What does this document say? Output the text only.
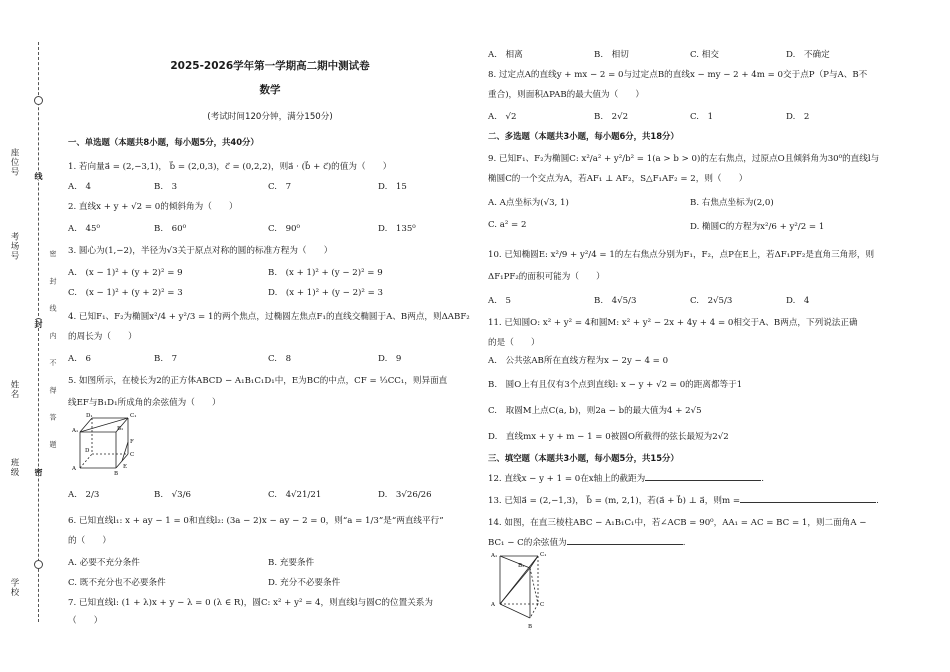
座位号
考场号
姓名
班级
学校
线
封
密
密 封 线 内 不 得 答 题
2025-2026学年第一学期高二期中测试卷
数学
(考试时间120分钟，满分150分)
一、单选题（本题共8小题，每小题5分，共40分）
1. 若向量a⃗ = (2,−3,1)， b⃗ = (2,0,3)，c⃗ = (0,2,2)，则a⃗ · (b⃗ + c⃗)的值为（　　）
A.　4	B.　3	C.　7	D.　15
2. 直线x + y + √2 = 0的倾斜角为（　　）
A.　45⁰	B.　60⁰	C.　90⁰	D.　135⁰
3. 圆心为(1,−2)，半径为√3关于原点对称的圆的标准方程为（　　）
A.　(x − 1)² + (y + 2)² = 9	B.　(x + 1)² + (y − 2)² = 9
C.　(x − 1)² + (y + 2)² = 3	D.　(x + 1)² + (y − 2)² = 3
4. 已知F₁、F₂为椭圆x²/4 + y²/3 = 1的两个焦点，过椭圆左焦点F₁的直线交椭圆于A、B两点，则ΔABF₂
的周长为（　　）
A.　6	B.　7	C.　8	D.　9
5. 如图所示，在棱长为2的正方体ABCD − A₁B₁C₁D₁中，E为BC的中点，CF = ⅓CC₁，则异面直
线EF与B₁D₁所成角的余弦值为（　　）
D₁	C₁
A₁	B₁
F
D
C
A
B
E
A.　2/3	B.　√3/6	C.　4√21/21	D.　3√26/26
6. 已知直线l₁: x + ay − 1 = 0和直线l₂: (3a − 2)x − ay − 2 = 0，则“a = 1/3”是“两直线平行”
的（　　）
A. 必要不充分条件	B. 充要条件
C. 既不充分也不必要条件	D. 充分不必要条件
7. 已知直线l: (1 + λ)x + y − λ = 0 (λ ∈ R)，圆C: x² + y² = 4，则直线l与圆C的位置关系为
（　　）
A.　相离	B.　相切	C. 相交	D.　不确定
8. 过定点A的直线y + mx − 2 = 0与过定点B的直线x − my − 2 + 4m = 0交于点P（P与A、B不
重合)，则面积ΔPAB的最大值为（　　）
A.　√2	B.　2√2	C.　1	D.　2
二、多选题（本题共3小题，每小题6分，共18分）
9. 已知F₁、F₂为椭圆C: x²/a² + y²/b² = 1(a > b > 0)的左右焦点，过原点O且倾斜角为30⁰的直线l与
椭圆C的一个交点为A，若AF₁ ⊥ AF₂，S△F₁AF₂ = 2，则（　　）
A. A点坐标为(√3, 1)	B. 右焦点坐标为(2,0)
C. a² = 2	D. 椭圆C的方程为x²/6 + y²/2 = 1
10. 已知椭圆E: x²/9 + y²/4 = 1的左右焦点分别为F₁，F₂，点P在E上，若ΔF₁PF₂是直角三角形，则
ΔF₁PF₂的面积可能为（　　）
A.　5	B.　4√5/3	C.　2√5/3	D.　4
11. 已知圆O: x² + y² = 4和圆M: x² + y² − 2x + 4y + 4 = 0相交于A、B两点，下列说法正确
的是（　　）
A.　公共弦AB所在直线方程为x − 2y − 4 = 0
B.　圆O上有且仅有3个点到直线l: x − y + √2 = 0的距离都等于1
C.　取圆M上点C(a, b)，则2a − b的最大值为4 + 2√5
D.　直线mx + y + m − 1 = 0被圆O所截得的弦长最短为2√2
三、填空题（本题共3小题，每小题5分，共15分）
12. 直线x − y + 1 = 0在x轴上的截距为	.
13. 已知a⃗ = (2,−1,3)， b⃗ = (m, 2,1)，若(a⃗ + b⃗) ⊥ a⃗，则m =	.
14. 如图，在直三棱柱ABC − A₁B₁C₁中，若∠ACB = 90⁰，AA₁ = AC = BC = 1，则二面角A −
BC₁ − C的余弦值为	.
A₁	C₁
B₁
A	C
B
